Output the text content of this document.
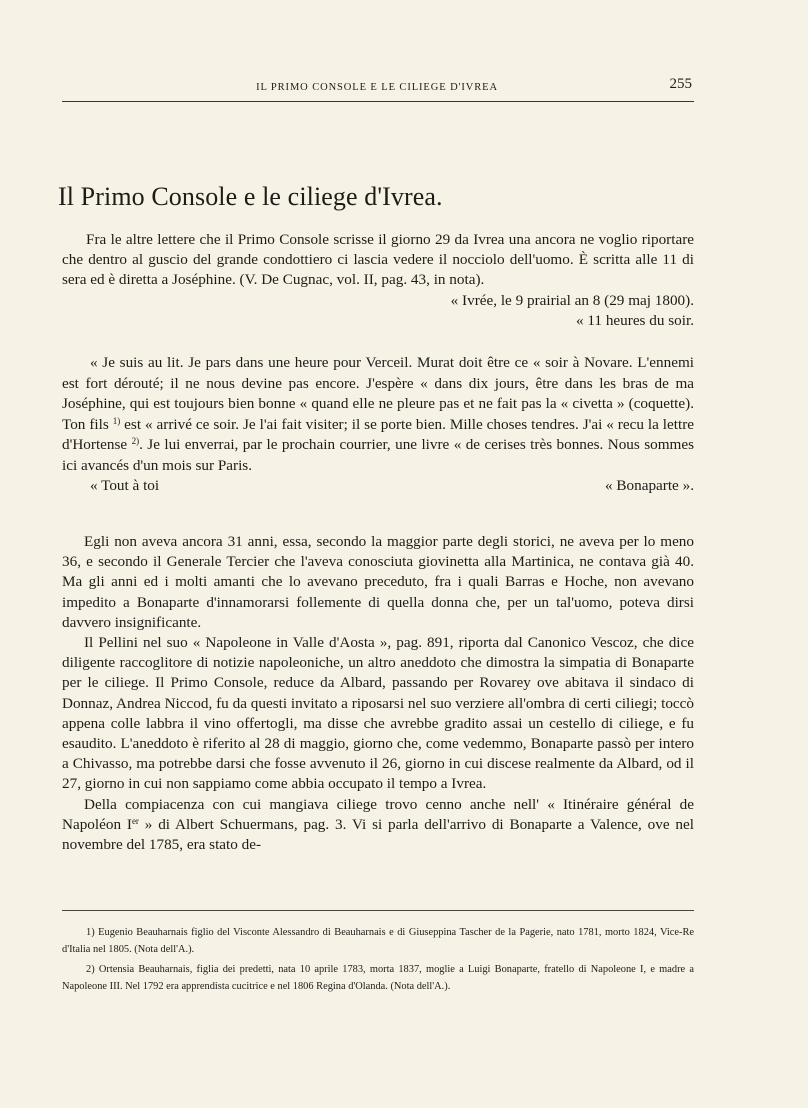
IL PRIMO CONSOLE E LE CILIEGE D'IVREA	255
Il Primo Console e le ciliege d'Ivrea.

Fra le altre lettere che il Primo Console scrisse il giorno 29 da Ivrea una ancora ne voglio riportare che dentro al guscio del grande condottiero ci lascia vedere il nocciolo dell'uomo. È scritta alle 11 di sera ed è diretta a Joséphine. (V. De Cugnac, vol. II, pag. 43, in nota).

« Ivrée, le 9 prairial an 8 (29 maj 1800).

« 11 heures du soir.

« Je suis au lit. Je pars dans une heure pour Verceil. Murat doit être ce « soir à Novare. L'ennemi est fort dérouté; il ne nous devine pas encore. J'espère « dans dix jours, être dans les bras de ma Joséphine, qui est toujours bien bonne « quand elle ne pleure pas et ne fait pas la « civetta » (coquette). Ton fils $^{1)}$ est « arrivé ce soir. Je l'ai fait visiter; il se porte bien. Mille choses tendres. J'ai « recu la lettre d'Hortense $^{2)}$. Je lui enverrai, par le prochain courrier, une livre « de cerises très bonnes. Nous sommes ici avancés d'un mois sur Paris.

« Tout à toi	« Bonaparte ».

Egli non aveva ancora 31 anni, essa, secondo la maggior parte degli storici, ne aveva per lo meno 36, e secondo il Generale Tercier che l'aveva conosciuta giovinetta alla Martinica, ne contava già 40. Ma gli anni ed i molti amanti che lo avevano preceduto, fra i quali Barras e Hoche, non avevano impedito a Bonaparte d'innamorarsi follemente di quella donna che, per un tal'uomo, poteva dirsi davvero insignificante.

Il Pellini nel suo « Napoleone in Valle d'Aosta », pag. 891, riporta dal Canonico Vescoz, che dice diligente raccoglitore di notizie napoleoniche, un altro aneddoto che dimostra la simpatia di Bonaparte per le ciliege. Il Primo Console, reduce da Albard, passando per Rovarey ove abitava il sindaco di Donnaz, Andrea Niccod, fu da questi invitato a riposarsi nel suo verziere all'ombra di certi ciliegi; toccò appena colle labbra il vino offertogli, ma disse che avrebbe gradito assai un cestello di ciliege, e fu esaudito. L'aneddoto è riferito al 28 di maggio, giorno che, come vedemmo, Bonaparte passò per intero a Chivasso, ma potrebbe darsi che fosse avvenuto il 26, giorno in cui discese realmente da Albard, od il 27, giorno in cui non sappiamo come abbia occupato il tempo a Ivrea.

Della compiacenza con cui mangiava ciliege trovo cenno anche nell' « Itinéraire général de Napoléon Ier » di Albert Schuermans, pag. 3. Vi si parla dell'arrivo di Bonaparte a Valence, ove nel novembre del 1785, era stato de-

1) Eugenio Beauharnais figlio del Visconte Alessandro di Beauharnais e di Giuseppina Tascher de la Pagerie, nato 1781, morto 1824, Vice-Re d'Italia nel 1805. (Nota dell'A.).

2) Ortensia Beauharnais, figlia dei predetti, nata 10 aprile 1783, morta 1837, moglie a Luigi Bonaparte, fratello di Napoleone I, e madre a Napoleone III. Nel 1792 era apprendista cucitrice e nel 1806 Regina d'Olanda. (Nota dell'A.).
